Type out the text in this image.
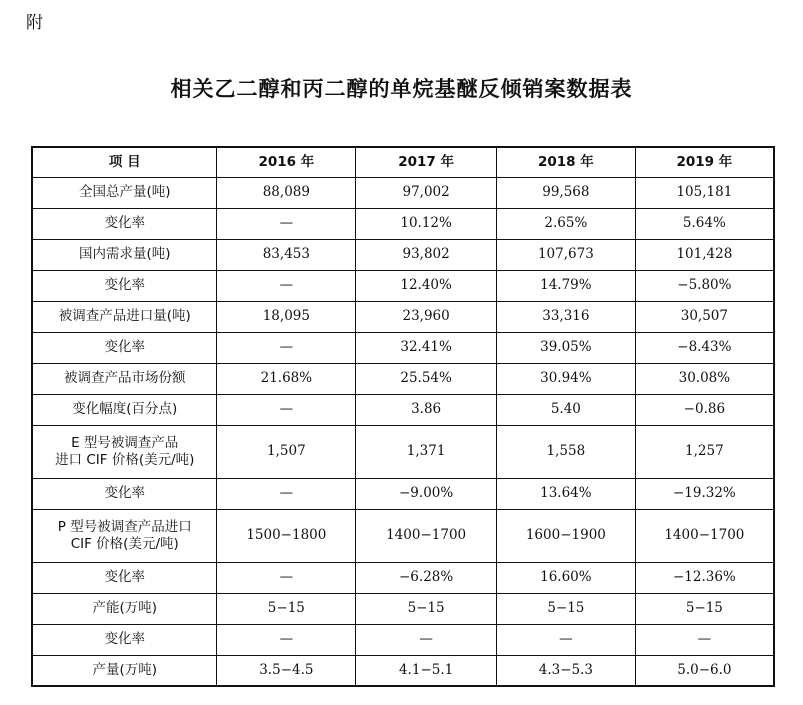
附
相关乙二醇和丙二醇的单烷基醚反倾销案数据表
项 目	2016 年	2017 年	2018 年	2019 年
全国总产量(吨)	88,089	97,002	99,568	105,181
变化率	—	10.12%	2.65%	5.64%
国内需求量(吨)	83,453	93,802	107,673	101,428
变化率	—	12.40%	14.79%	−5.80%
被调查产品进口量(吨)	18,095	23,960	33,316	30,507
变化率	—	32.41%	39.05%	−8.43%
被调查产品市场份额	21.68%	25.54%	30.94%	30.08%
变化幅度(百分点)	—	3.86	5.40	−0.86

E 型号被调查产品
进口 CIF 价格(美元/吨)	1,507	1,371	1,558	1,257
变化率	—	−9.00%	13.64%	−19.32%

P 型号被调查产品进口
CIF 价格(美元/吨)	1500−1800	1400−1700	1600−1900	1400−1700
变化率	—	−6.28%	16.60%	−12.36%
产能(万吨)	5−15	5−15	5−15	5−15
变化率	—	—	—	—
产量(万吨)	3.5−4.5	4.1−5.1	4.3−5.3	5.0−6.0
